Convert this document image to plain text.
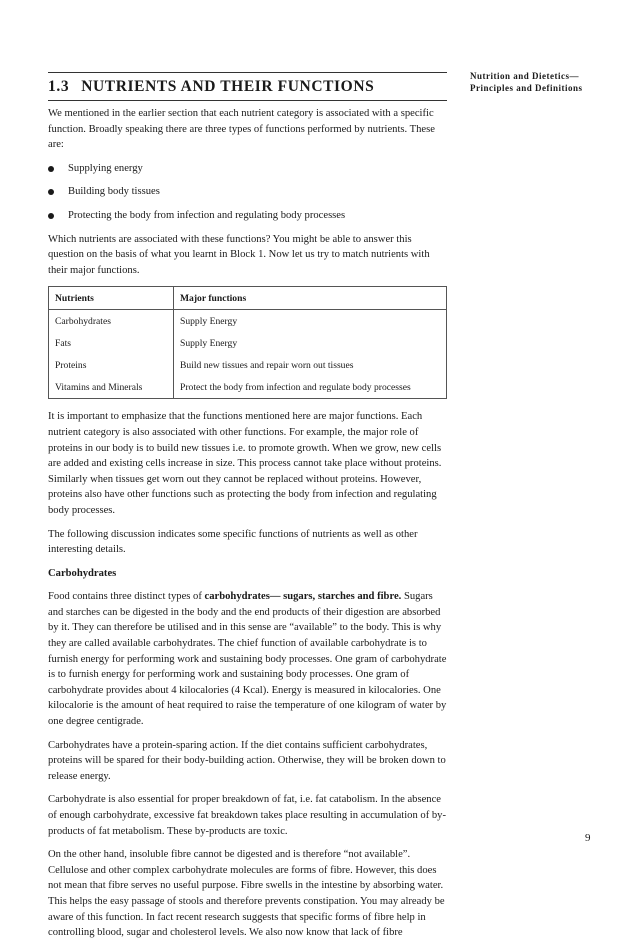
Nutrition and Dietetics—
Principles and Definitions
1.3 NUTRIENTS AND THEIR FUNCTIONS

We mentioned in the earlier section that each nutrient category is associated with a specific function. Broadly speaking there are three types of functions performed by nutrients. These are:

Supplying energy
Building body tissues
Protecting the body from infection and regulating body processes

Which nutrients are associated with these functions? You might be able to answer this question on the basis of what you learnt in Block 1. Now let us try to match nutrients with their major functions.

Nutrients	Major functions
Carbohydrates	Supply Energy
Fats	Supply Energy
Proteins	Build new tissues and repair worn out tissues
Vitamins and Minerals	Protect the body from infection and regulate body processes

It is important to emphasize that the functions mentioned here are major functions. Each nutrient category is also associated with other functions. For example, the major role of proteins in our body is to build new tissues i.e. to promote growth. When we grow, new cells are added and existing cells increase in size. This process cannot take place without proteins. Similarly when tissues get worn out they cannot be replaced without proteins. However, proteins also have other functions such as protecting the body from infection and regulating body processes.

The following discussion indicates some specific functions of nutrients as well as other interesting details.

Carbohydrates

Food contains three distinct types of carbohydrates— sugars, starches and fibre. Sugars and starches can be digested in the body and the end products of their digestion are absorbed by it. They can therefore be utilised and in this sense are “available” to the body. This is why they are called available carbohydrates. The chief function of available carbohydrate is to furnish energy for performing work and sustaining body processes. One gram of carbohydrate is to furnish energy for performing work and sustaining body processes. One gram of carbohydrate provides about 4 kilocalories (4 Kcal). Energy is measured in kilocalories. One kilocalorie is the amount of heat required to raise the temperature of one kilogram of water by one degree centigrade.

Carbohydrates have a protein-sparing action. If the diet contains sufficient carbohydrates, proteins will be spared for their body-building action. Otherwise, they will be broken down to release energy.

Carbohydrate is also essential for proper breakdown of fat, i.e. fat catabolism. In the absence of enough carbohydrate, excessive fat breakdown takes place resulting in accumulation of by-products of fat metabolism. These by-products are toxic.

On the other hand, insoluble fibre cannot be digested and is therefore “not available”. Cellulose and other complex carbohydrate molecules are forms of fibre. However, this does not mean that fibre serves no useful purpose. Fibre swells in the intestine by absorbing water. This helps the easy passage of stools and therefore prevents constipation. You may already be aware of this function. In fact recent research suggests that specific forms of fibre help in controlling blood, sugar and cholesterol levels. We also now know that lack of fibre

9
